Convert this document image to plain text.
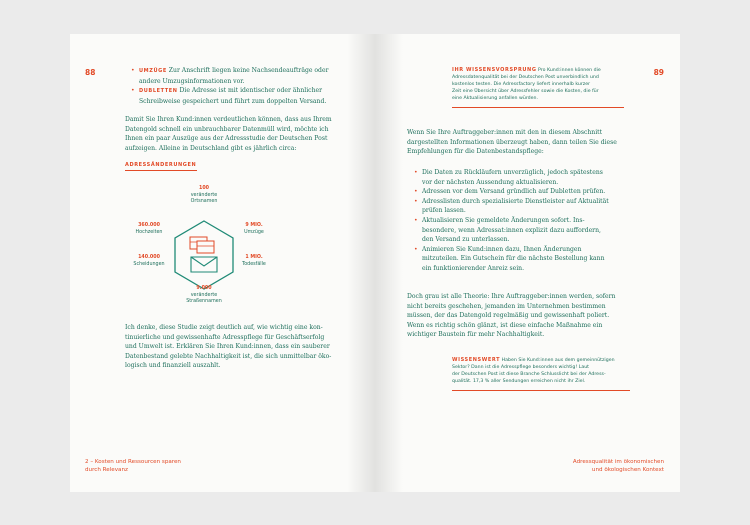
88
•	UMZÜGE Zur Anschrift liegen keine Nachsendeaufträge oder
andere Umzugsinformationen vor.
• DUBLETTEN Die Adresse ist mit identischer oder ähnlicher
Schreibweise gespeichert und führt zum doppelten Versand.
Damit Sie Ihren Kund:innen verdeutlichen können, dass aus Ihrem
Datengold schnell ein unbrauchbarer Datenmüll wird, möchte ich
Ihnen ein paar Auszüge aus der Adressstudie der Deutschen Post
aufzeigen. Alleine in Deutschland gibt es jährlich circa:
ADRESSÄNDERUNGEN
100
veränderte
Ortsnamen
360.000
Hochzeiten
140.000
Scheidungen
9 MIO.
Umzüge
1 MIO.
Todesfälle
9.000
veränderte
Straßennamen
Ich denke, diese Studie zeigt deutlich auf, wie wichtig eine kon-
tinuierliche und gewissenhafte Adresspflege für Geschäftserfolg
und Umwelt ist. Erklären Sie Ihren Kund:innen, dass ein sauberer
Datenbestand gelebte Nachhaltigkeit ist, die sich unmittelbar öko-
logisch und finanziell auszahlt.
2 – Kosten und Ressourcen sparen
durch Relevanz
89
IHR WISSENSVORSPRUNG Pro Kund:innen können die
Adressdatenqualität bei der Deutschen Post unverbindlich und
kostenlos testen. Die Adressfactory liefert innerhalb kurzer
Zeit eine Übersicht über Adressfehler sowie die Kosten, die für
eine Aktualisierung anfallen würden.
Wenn Sie Ihre Auftraggeber:innen mit den in diesem Abschnitt
dargestellten Informationen überzeugt haben, dann teilen Sie diese
Empfehlungen für die Datenbestandspflege:
• Die Daten zu Rückläufern unverzüglich, jedoch spätestens
vor der nächsten Aussendung aktualisieren.
• Adressen vor dem Versand gründlich auf Dubletten prüfen.
• Adresslisten durch spezialisierte Dienstleister auf Aktualität
prüfen lassen.
• Aktualisieren Sie gemeldete Änderungen sofort. Ins-
besondere, wenn Adressat:innen explizit dazu auffordern,
den Versand zu unterlassen.
• Animieren Sie Kund:innen dazu, Ihnen Änderungen
mitzuteilen. Ein Gutschein für die nächste Bestellung kann
ein funktionierender Anreiz sein.
Doch grau ist alle Theorie: Ihre Auftraggeber:innen werden, sofern
nicht bereits geschehen, jemanden im Unternehmen bestimmen
müssen, der das Datengold regelmäßig und gewissenhaft poliert.
Wenn es richtig schön glänzt, ist diese einfache Maßnahme ein
wichtiger Baustein für mehr Nachhaltigkeit.
WISSENSWERT Haben Sie Kund:innen aus dem gemeinnützigen
Sektor? Dann ist die Adresspflege besonders wichtig! Laut
der Deutschen Post ist diese Branche Schlusslicht bei der Adress-
qualität. 17,3 % aller Sendungen erreichen nicht ihr Ziel.
Adressqualität im ökonomischen
und ökologischen Kontext
